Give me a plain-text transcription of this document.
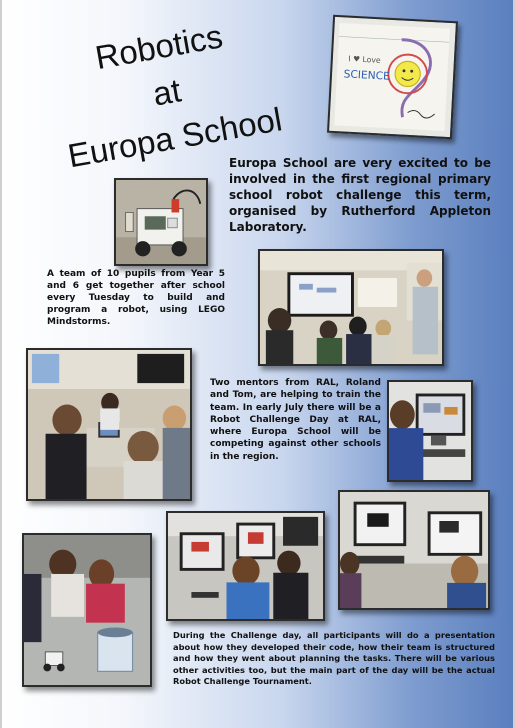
Robotics
at
Europa School
I ♥ Love
SCIENCE
Europa School are very excited to be involved in the first regional primary school robot challenge this term, organised by Rutherford Appleton Laboratory.
A team of 10 pupils from Year 5 and 6 get together after school every Tuesday to build and program a robot, using LEGO Mindstorms.
Two mentors from RAL, Roland and Tom, are helping to train the team. In early July there will be a Robot Challenge Day at RAL, where Europa School will be competing against other schools in the region.
During the Challenge day, all participants will do a presentation about how they developed their code, how their team is structured and how they went about planning the tasks. There will be various other activities too, but the main part of the day will be the actual Robot Challenge Tournament.
